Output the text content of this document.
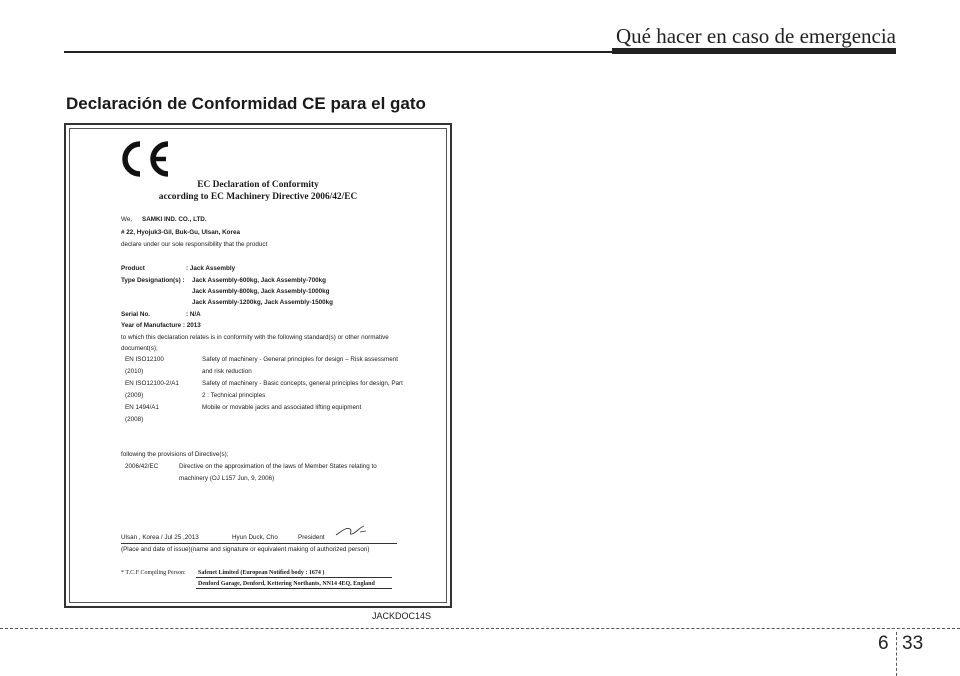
Qué hacer en caso de emergencia
Declaración de Conformidad CE para el gato
EC Declaration of Conformity
according to EC Machinery Directive 2006/42/EC
We, SAMKI IND. CO., LTD.
# 22, Hyojuk3-Gil, Buk-Gu, Ulsan, Korea
declare under our sole responsibility that the product
Product	: Jack Assembly
Type Designation(s) : Jack Assembly-600kg, Jack Assembly-700kg
Jack Assembly-800kg, Jack Assembly-1000kg
Jack Assembly-1200kg, Jack Assembly-1500kg
Serial No.	: N/A
Year of Manufacture : 2013
to which this declaration relates is in conformity with the following standard(s) or other normative
document(s);
EN ISO12100	Safety of machinery - General principles for design – Risk assessment
(2010)	and risk reduction
EN ISO12100-2/A1	Safety of machinery - Basic concepts, general principles for design, Part
(2009)	2 : Technical principles
EN 1494/A1	Mobile or movable jacks and associated lifting equipment
(2008)
following the provisions of Directive(s);
2006/42/EC	Directive on the approximation of the laws of Member States relating to
machinery (OJ L157 Jun, 9, 2006)
Ulsan , Korea / Jul 25 ,2013	Hyun Duck, Cho	President
(Place and date of issue)(name and signature or equivalent making of authorized person)
* T.C.F Compiling Person: Safenet Limited (European Notified body : 1674 )
Denford Garage, Denford, Kettering Northants, NN14 4EQ, England
JACKDOC14S
6 33
